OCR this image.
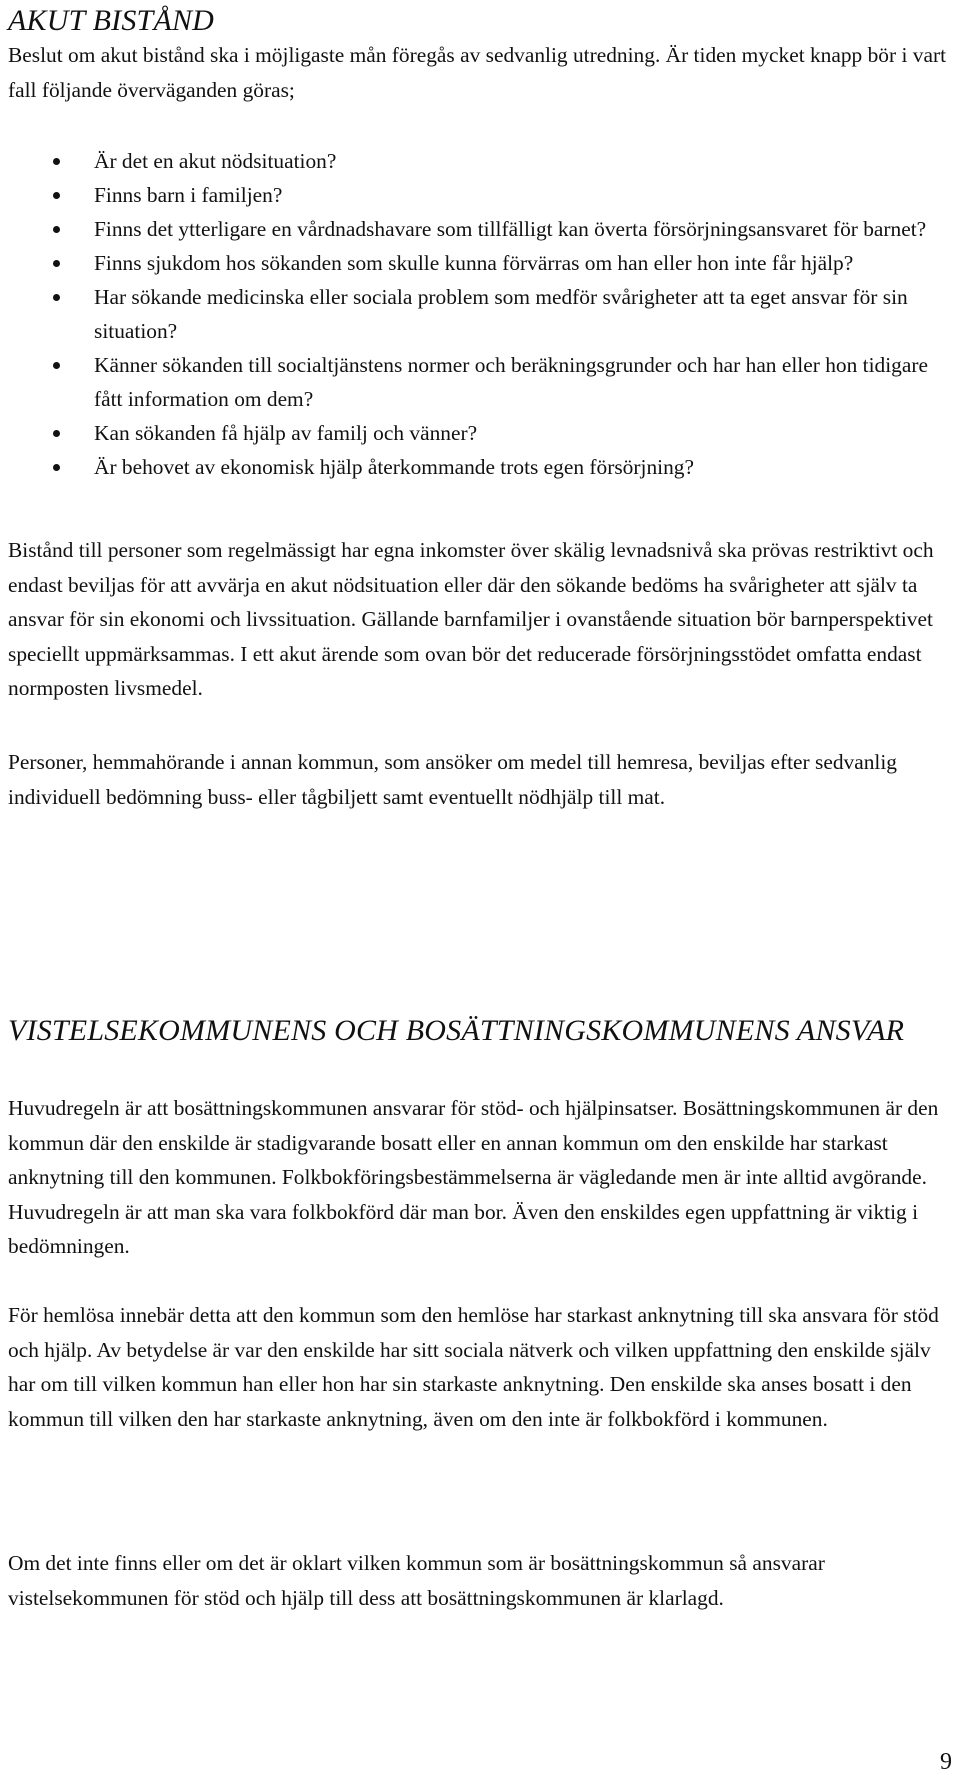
AKUT BISTÅND

Beslut om akut bistånd ska i möjligaste mån föregås av sedvanlig utredning. Är tiden mycket knapp bör i vart fall följande överväganden göras;

Är det en akut nödsituation?
Finns barn i familjen?
Finns det ytterligare en vårdnadshavare som tillfälligt kan överta försörjningsansvaret för barnet?
Finns sjukdom hos sökanden som skulle kunna förvärras om han eller hon inte får hjälp?
Har sökande medicinska eller sociala problem som medför svårigheter att ta eget ansvar för sin situation?
Känner sökanden till socialtjänstens normer och beräkningsgrunder och har han eller hon tidigare fått information om dem?
Kan sökanden få hjälp av familj och vänner?
Är behovet av ekonomisk hjälp återkommande trots egen försörjning?

Bistånd till personer som regelmässigt har egna inkomster över skälig levnadsnivå ska prövas restriktivt och endast beviljas för att avvärja en akut nödsituation eller där den sökande bedöms ha svårigheter att själv ta ansvar för sin ekonomi och livssituation. Gällande barnfamiljer i ovanstående situation bör barnperspektivet speciellt uppmärksammas. I ett akut ärende som ovan bör det reducerade försörjningsstödet omfatta endast normposten livsmedel.

Personer, hemmahörande i annan kommun, som ansöker om medel till hemresa, beviljas efter sedvanlig individuell bedömning buss- eller tågbiljett samt eventuellt nödhjälp till mat.

VISTELSEKOMMUNENS OCH BOSÄTTNINGSKOMMUNENS ANSVAR

Huvudregeln är att bosättningskommunen ansvarar för stöd- och hjälpinsatser. Bosättningskommunen är den kommun där den enskilde är stadigvarande bosatt eller en annan kommun om den enskilde har starkast anknytning till den kommunen. Folkbokföringsbestämmelserna är vägledande men är inte alltid avgörande. Huvudregeln är att man ska vara folkbokförd där man bor. Även den enskildes egen uppfattning är viktig i bedömningen.

För hemlösa innebär detta att den kommun som den hemlöse har starkast anknytning till ska ansvara för stöd och hjälp. Av betydelse är var den enskilde har sitt sociala nätverk och vilken uppfattning den enskilde själv har om till vilken kommun han eller hon har sin starkaste anknytning. Den enskilde ska anses bosatt i den kommun till vilken den har starkaste anknytning, även om den inte är folkbokförd i kommunen.

Om det inte finns eller om det är oklart vilken kommun som är bosättningskommun så ansvarar vistelsekommunen för stöd och hjälp till dess att bosättningskommunen är klarlagd.

9
